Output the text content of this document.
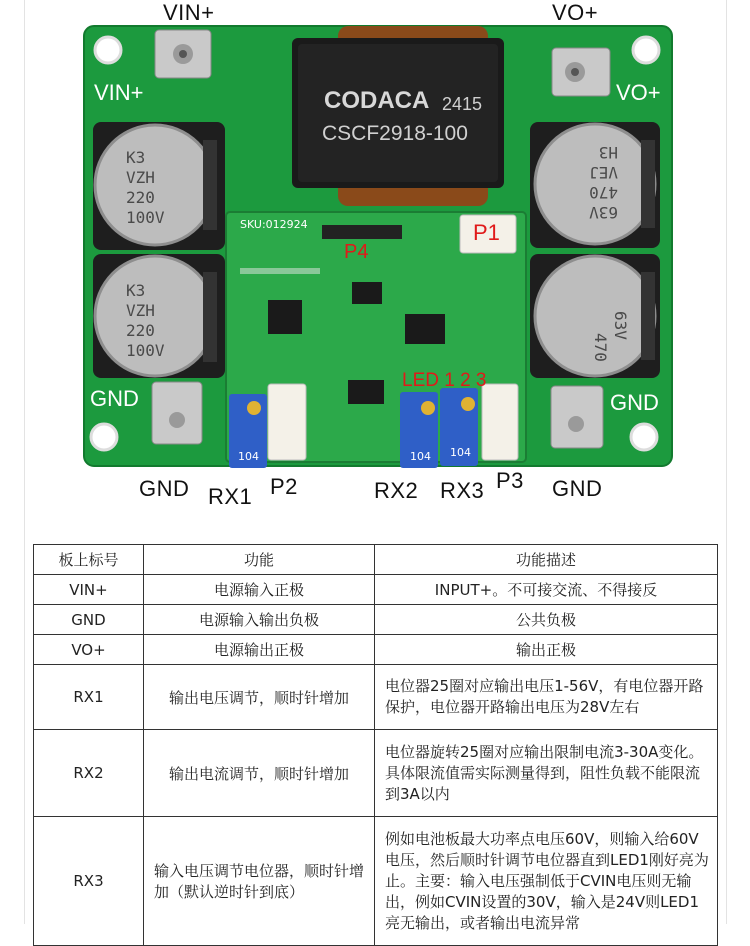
CODACA 2415
CSCF2918-100
K3
VZH
220
100V
K3
VZH
220
100V
63V
470
VEJ
H3
63V
470
SKU:012924
104	104 104
P1
P4
LED 1 2 3
VIN+	VO+
GND	GND
VIN+	VO+
GND RX1 P2	RX2 RX3 P3 GND
板上标号	功能	功能描述
VIN+	电源输入正极	INPUT+。不可接交流、不得接反
GND	电源输入输出负极	公共负极
VO+	电源输出正极	输出正极
RX1	输出电压调节，顺时针增加	电位器25圈对应输出电压1-56V，有电位器开路保护，电位器开路输出电压为28V左右
RX2	输出电流调节，顺时针增加	电位器旋转25圈对应输出限制电流3-30A变化。具体限流值需实际测量得到，阻性负载不能限流到3A以内
RX3	输入电压调节电位器，顺时针增加（默认逆时针到底）	例如电池板最大功率点电压60V，则输入给60V电压，然后顺时针调节电位器直到LED1刚好亮为止。主要：输入电压强制低于CVIN电压则无输出，例如CVIN设置的30V，输入是24V则LED1亮无输出，或者输出电流异常
